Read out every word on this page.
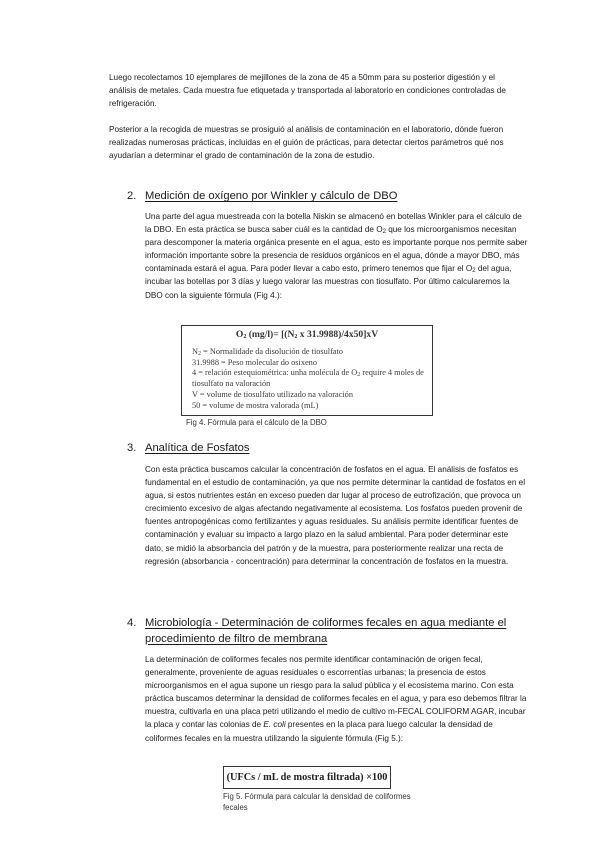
Luego recolectamos 10 ejemplares de mejillones de la zona de 45 a 50mm para su posterior digestión y el análisis de metales. Cada muestra fue etiquetada y transportada al laboratorio en condiciones controladas de refrigeración.

Posterior a la recogida de muestras se prosiguió al análisis de contaminación en el laboratorio, dónde fueron realizadas numerosas prácticas, incluidas en el guión de prácticas, para detectar ciertos parámetros qué nos ayudarían a determinar el grado de contaminación de la zona de estudio.

2. Medición de oxígeno por Winkler y cálculo de DBO

Una parte del agua muestreada con la botella Niskin se almacenó en botellas Winkler para el cálculo de la DBO. En esta práctica se busca saber cuál es la cantidad de $O_2$ que los microorganismos necesitan para descomponer la materia orgánica presente en el agua, esto es importante porque nos permite saber información importante sobre la presencia de residuos orgánicos en el agua, dónde a mayor DBO, más contaminada estará el agua. Para poder llevar a cabo esto, primero tenemos que fijar el $O_2$ del agua, incubar las botellas por 3 días y luego valorar las muestras con tiosulfato. Por último calcularemos la DBO con la siguiente fórmula (Fig 4.):

$O_2$ $(mg/l)= [(N_2$ x 31.9988)/4x50]xV
$N_2$ = Normalidade da disolución de tiosulfato
31.9988 = Peso molecular do osixeno
4 = relación estequiométrica: unha molécula de $O_2$ require 4 moles de tiosulfato na valoración
V = volume de tiosulfato utilizado na valoración
50 = volume de mostra valorada (mL)

Fig 4. Fórmula para el cálculo de la DBO

3. Analítica de Fosfatos

Con esta práctica buscamos calcular la concentración de fosfatos en el agua. El análisis de fosfatos es fundamental en el estudio de contaminación, ya que nos permite determinar la cantidad de fosfatos en el agua, si estos nutrientes están en exceso pueden dar lugar al proceso de eutrofización, que provoca un crecimiento excesivo de algas afectando negativamente al ecosistema. Los fosfatos pueden provenir de fuentes antropogénicas como fertilizantes y aguas residuales. Su análisis permite identificar fuentes de contaminación y evaluar su impacto a largo plazo en la salud ambiental. Para poder determinar este dato, se midió la absorbancia del patrón y de la muestra, para posteriormente realizar una recta de regresión (absorbancia - concentración) para determinar la concentración de fosfatos en la muestra.

4. Microbiología - Determinación de coliformes fecales en agua mediante el procedimiento de filtro de membrana

La determinación de coliformes fecales nos permite identificar contaminación de origen fecal, generalmente, proveniente de aguas residuales o escorrentías urbanas; la presencia de estos microorganismos en el agua supone un riesgo para la salud pública y el ecosistema marino. Con esta práctica buscamos determinar la densidad de coliformes fecales en el agua, y para eso debemos filtrar la muestra, cultivarla en una placa petri utilizando el medio de cultivo m-FECAL COLIFORM AGAR, incubar la placa y contar las colonias de E. coli presentes en la placa para luego calcular la densidad de coliformes fecales en la muestra utilizando la siguiente fórmula (Fig 5.):

(UFCs / mL de mostra filtrada) ×100

Fig 5. Fórmula para calcular la densidad de coliformes fecales
